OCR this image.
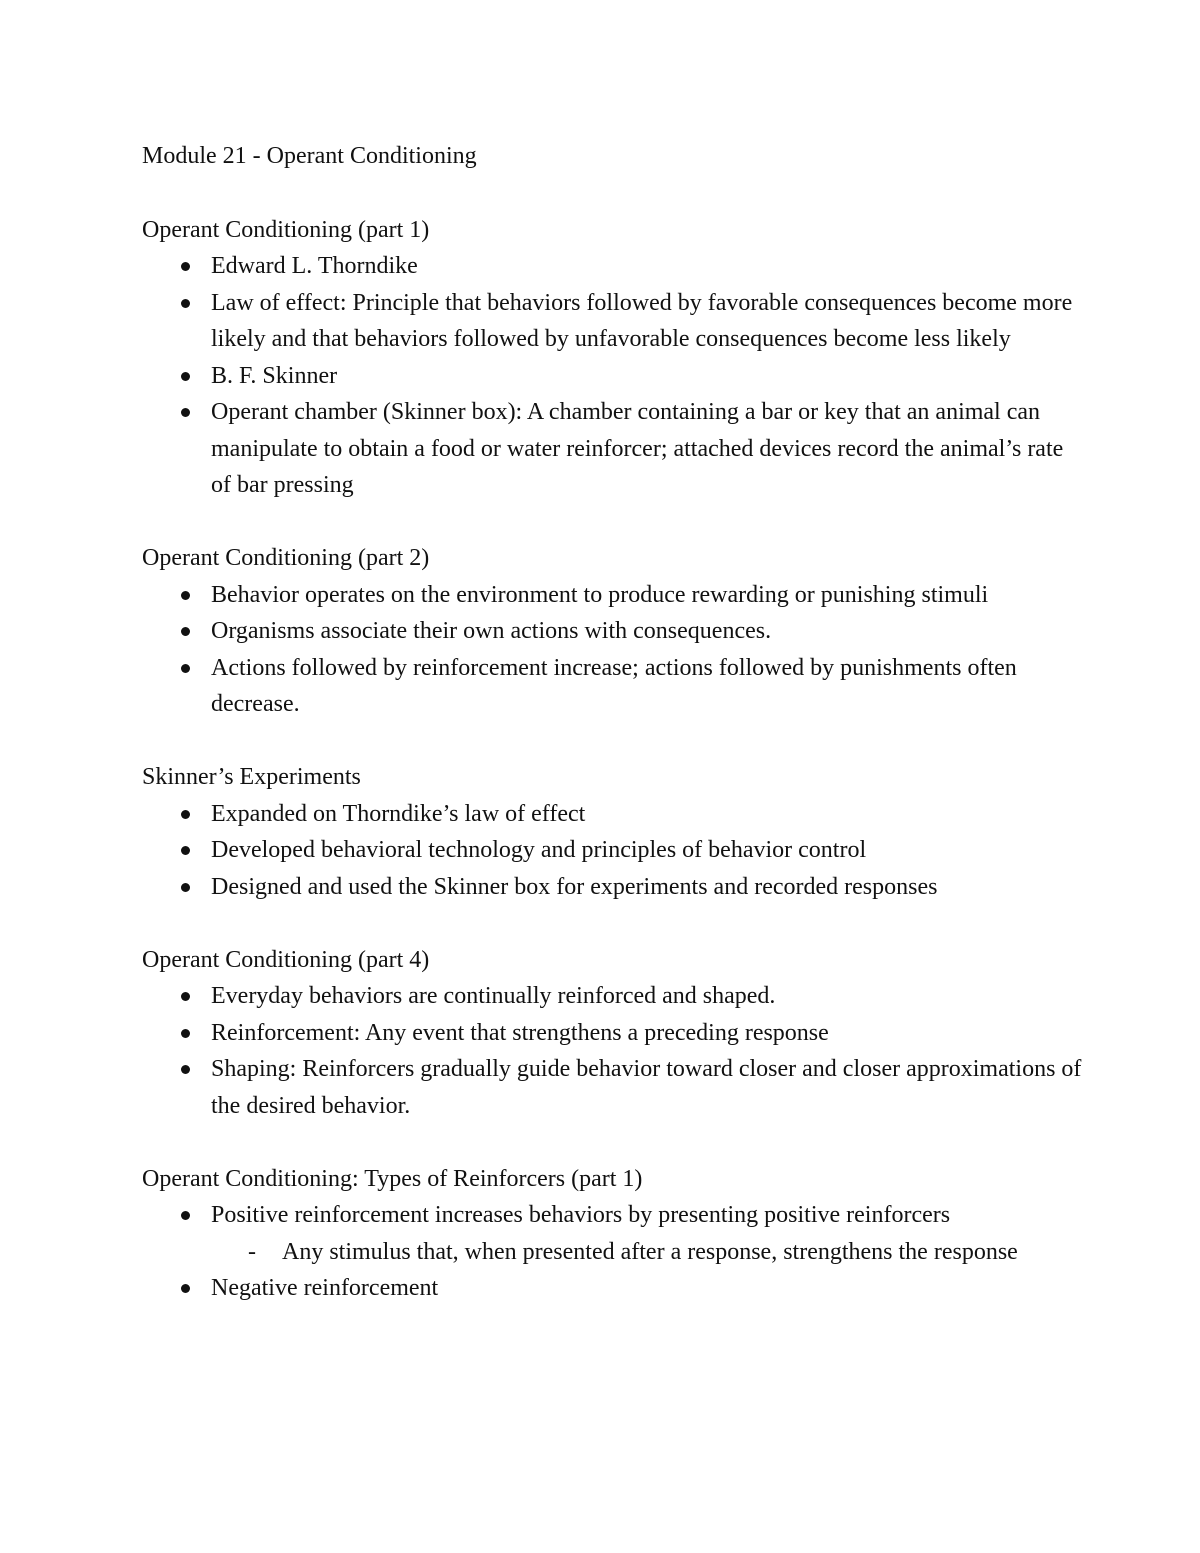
Module 21 - Operant Conditioning
Operant Conditioning (part 1)
Edward L. Thorndike
Law of effect: Principle that behaviors followed by favorable consequences become more likely and that behaviors followed by unfavorable consequences become less likely
B. F. Skinner
Operant chamber (Skinner box): A chamber containing a bar or key that an animal can manipulate to obtain a food or water reinforcer; attached devices record the animal’s rate of bar pressing
Operant Conditioning (part 2)
Behavior operates on the environment to produce rewarding or punishing stimuli
Organisms associate their own actions with consequences.
Actions followed by reinforcement increase; actions followed by punishments often decrease.
Skinner’s Experiments
Expanded on Thorndike’s law of effect
Developed behavioral technology and principles of behavior control
Designed and used the Skinner box for experiments and recorded responses
Operant Conditioning (part 4)
Everyday behaviors are continually reinforced and shaped.
Reinforcement: Any event that strengthens a preceding response
Shaping: Reinforcers gradually guide behavior toward closer and closer approximations of the desired behavior.
Operant Conditioning: Types of Reinforcers (part 1)
Positive reinforcement increases behaviors by presenting positive reinforcers
- Any stimulus that, when presented after a response, strengthens the response
Negative reinforcement
